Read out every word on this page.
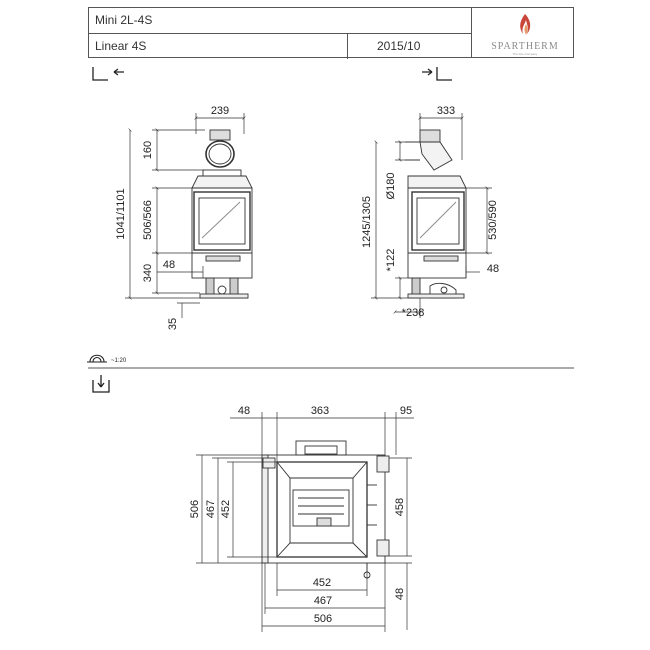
Mini 2L-4S
Linear 4S	2015/10	SPARTHERM
The Fire Company
239
160
1041/1101 506/566
340 48
35
333
1245/1305
Ø180
530/590
*122	48
*238
~1:20
48	363	95
506 467 452	458
452
467
506
48
